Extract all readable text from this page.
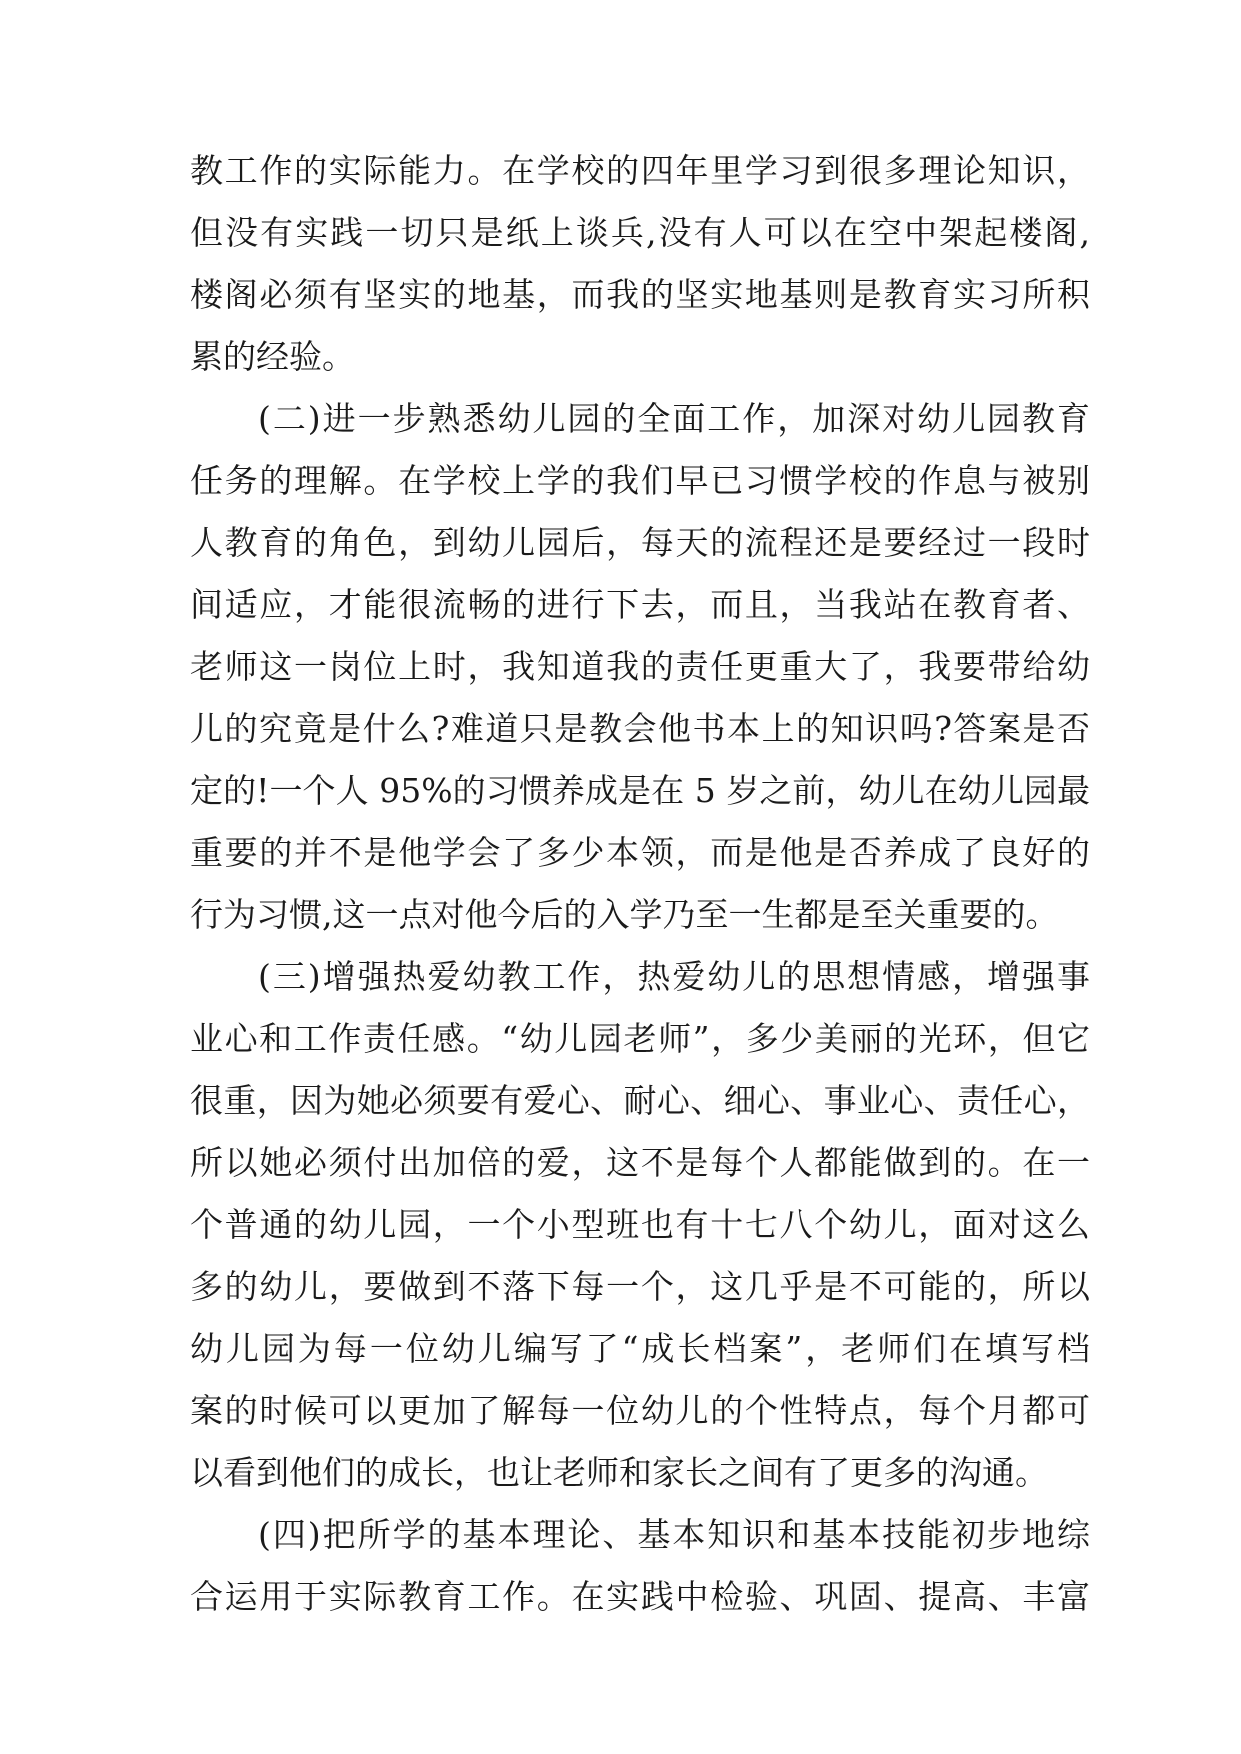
教工作的实际能力。在学校的四年里学习到很多理论知识，
但没有实践一切只是纸上谈兵,没有人可以在空中架起楼阁,
楼阁必须有坚实的地基，而我的坚实地基则是教育实习所积
累的经验。
(二)进一步熟悉幼儿园的全面工作，加深对幼儿园教育
任务的理解。在学校上学的我们早已习惯学校的作息与被别
人教育的角色，到幼儿园后，每天的流程还是要经过一段时
间适应，才能很流畅的进行下去，而且，当我站在教育者、
老师这一岗位上时，我知道我的责任更重大了，我要带给幼
儿的究竟是什么?难道只是教会他书本上的知识吗?答案是否
定的!一个人 95%的习惯养成是在 5 岁之前，幼儿在幼儿园最
重要的并不是他学会了多少本领，而是他是否养成了良好的
行为习惯,这一点对他今后的入学乃至一生都是至关重要的。
(三)增强热爱幼教工作，热爱幼儿的思想情感，增强事
业心和工作责任感。“幼儿园老师”，多少美丽的光环，但它
很重，因为她必须要有爱心、耐心、细心、事业心、责任心，
所以她必须付出加倍的爱，这不是每个人都能做到的。在一
个普通的幼儿园，一个小型班也有十七八个幼儿，面对这么
多的幼儿，要做到不落下每一个，这几乎是不可能的，所以
幼儿园为每一位幼儿编写了“成长档案”，老师们在填写档
案的时候可以更加了解每一位幼儿的个性特点，每个月都可
以看到他们的成长，也让老师和家长之间有了更多的沟通。
(四)把所学的基本理论、基本知识和基本技能初步地综
合运用于实际教育工作。在实践中检验、巩固、提高、丰富
